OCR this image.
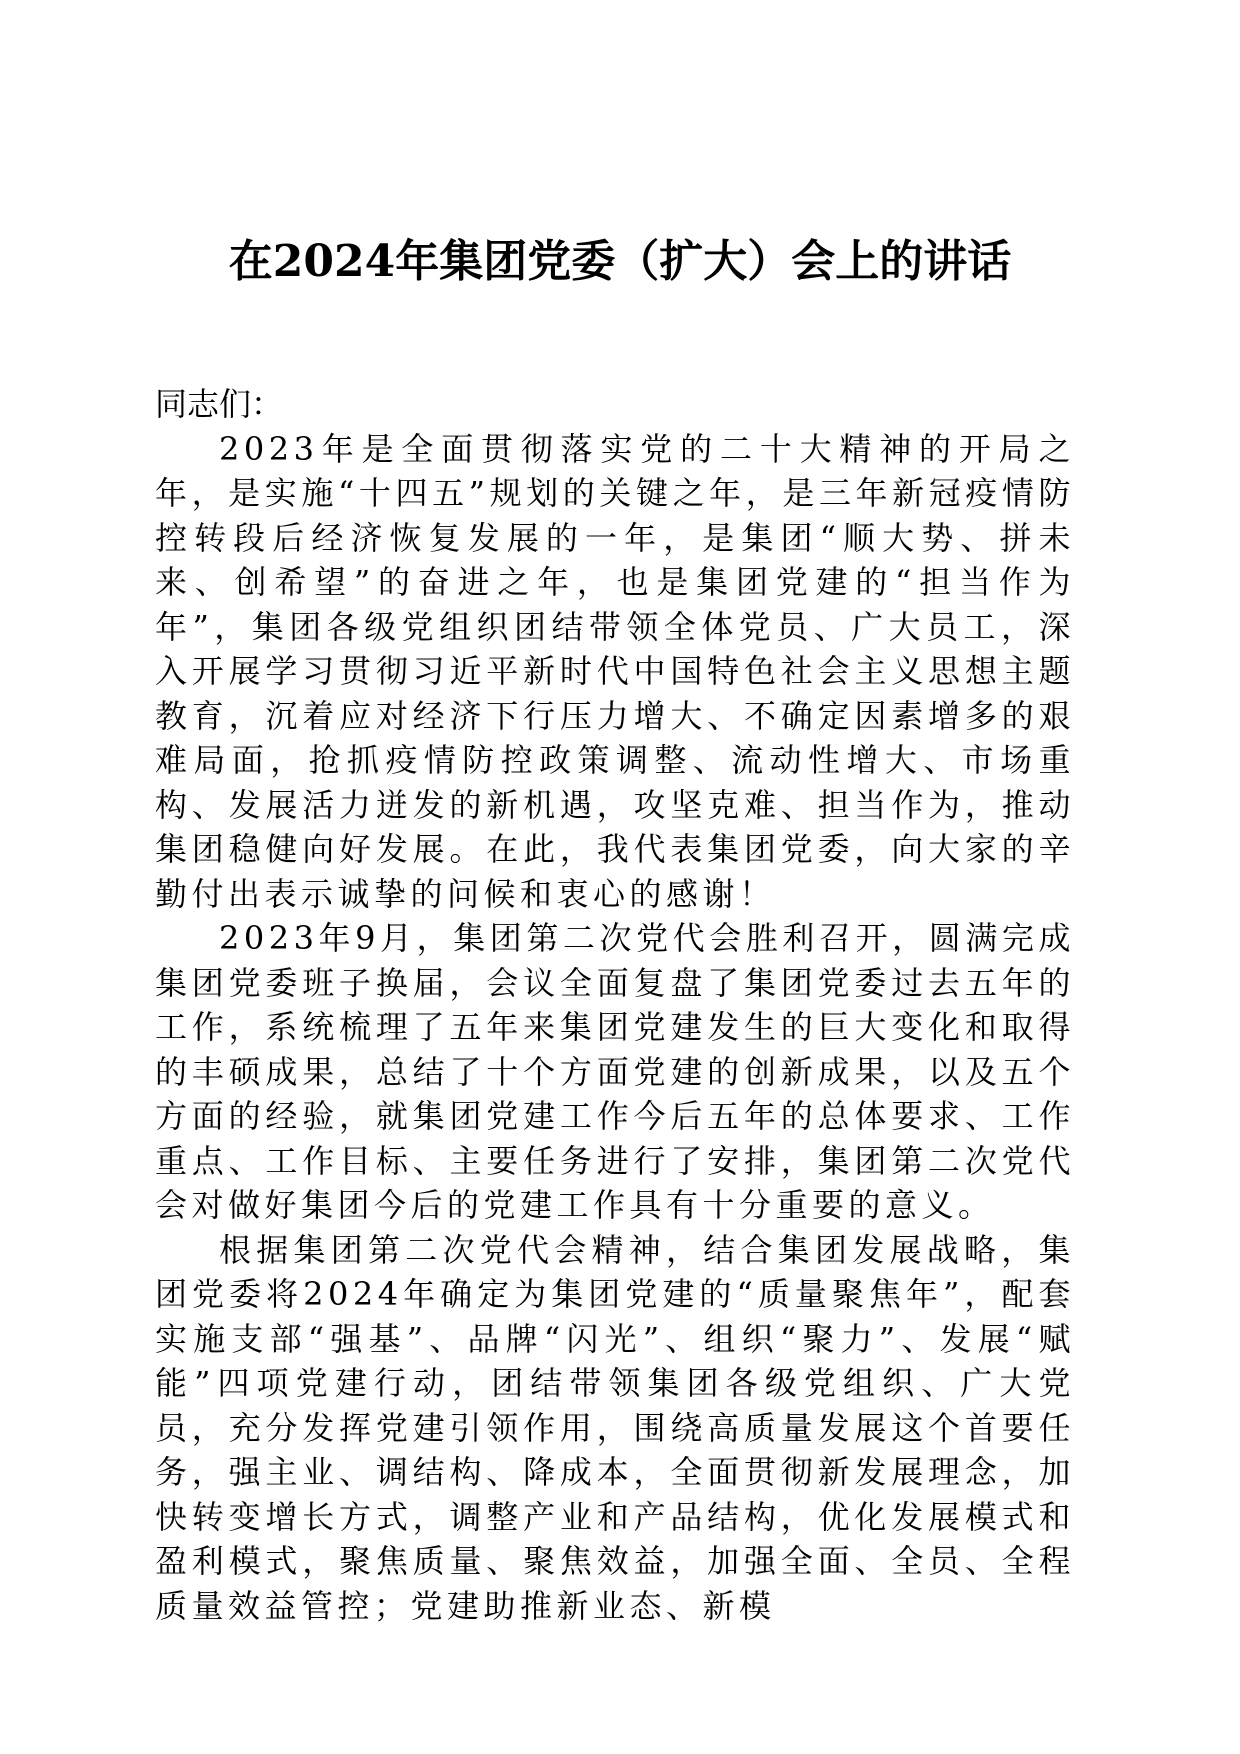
在2024年集团党委（扩大）会上的讲话

同志们：

2023年是全面贯彻落实党的二十大精神的开局之年，是实施“十四五”规划的关键之年，是三年新冠疫情防控转段后经济恢复发展的一年，是集团“顺大势、拼未来、创希望”的奋进之年，也是集团党建的“担当作为年”，集团各级党组织团结带领全体党员、广大员工，深入开展学习贯彻习近平新时代中国特色社会主义思想主题教育，沉着应对经济下行压力增大、不确定因素增多的艰难局面，抢抓疫情防控政策调整、流动性增大、市场重构、发展活力迸发的新机遇，攻坚克难、担当作为，推动集团稳健向好发展。在此，我代表集团党委，向大家的辛勤付出表示诚挚的问候和衷心的感谢！

2023年9月，集团第二次党代会胜利召开，圆满完成集团党委班子换届，会议全面复盘了集团党委过去五年的工作，系统梳理了五年来集团党建发生的巨大变化和取得的丰硕成果，总结了十个方面党建的创新成果，以及五个方面的经验，就集团党建工作今后五年的总体要求、工作重点、工作目标、主要任务进行了安排，集团第二次党代会对做好集团今后的党建工作具有十分重要的意义。

根据集团第二次党代会精神，结合集团发展战略，集团党委将2024年确定为集团党建的“质量聚焦年”，配套实施支部“强基”、品牌“闪光”、组织“聚力”、发展“赋能”四项党建行动，团结带领集团各级党组织、广大党员，充分发挥党建引领作用，围绕高质量发展这个首要任务，强主业、调结构、降成本，全面贯彻新发展理念，加快转变增长方式，调整产业和产品结构，优化发展模式和盈利模式，聚焦质量、聚焦效益，加强全面、全员、全程质量效益管控；党建助推新业态、新模
